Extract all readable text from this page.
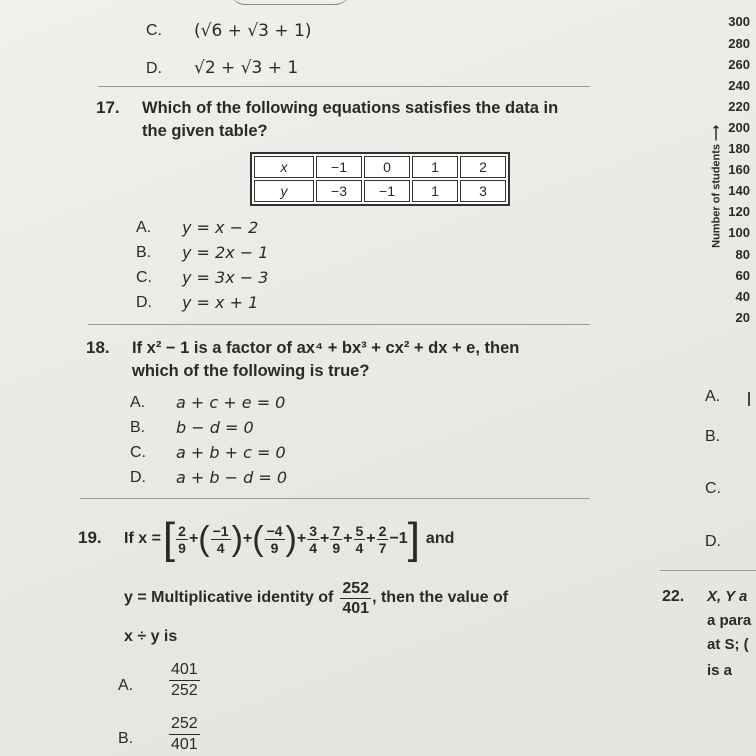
C. (√6 + √3 + 1)
D. √2 + √3 + 1
17. Which of the following equations satisfies the data in
the given table?
x	−1	0	1	2
y	−3	−1	1	3
A. y = x − 2
B. y = 2x − 1
C. y = 3x − 3
D. y = x + 1
18. If x² − 1 is a factor of ax⁴ + bx³ + cx² + dx + e, then
which of the following is true?
A. a + c + e = 0
B. b − d = 0
C. a + b + c = 0
D. a + b − d = 0
19. If x = [ $\frac{2}{9}$ + ( $\frac{-1}{4}$ ) + ( $\frac{-4}{9}$ ) + $\frac{3}{4} + \frac{7}{9} + \frac{5}{4} + \frac{2}{7} -1$ ] and
y = Multiplicative identity of $\frac{252}{401}$ , then the value of
x ÷ y is
A. $\frac{401}{252}$
B. $\frac{252}{401}$
300
280
260
240
220
200
180
160
140
120
100
80
60
40
20
Number of students ⟶
A.
B.
C.
D.
22. X, Y a
a para
at S; (
is a
